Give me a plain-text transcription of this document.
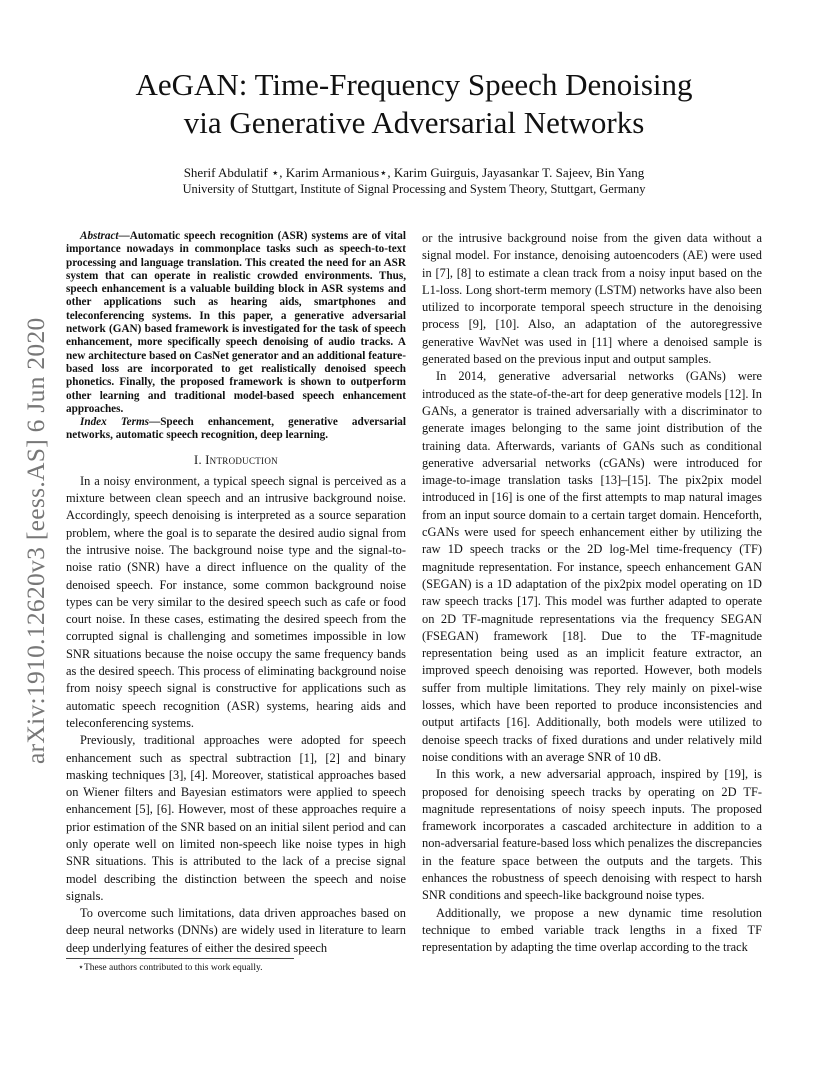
AeGAN: Time-Frequency Speech Denoising
via Generative Adversarial Networks
Sherif Abdulatif ⋆, Karim Armanious⋆, Karim Guirguis, Jayasankar T. Sajeev, Bin Yang
University of Stuttgart, Institute of Signal Processing and System Theory, Stuttgart, Germany
arXiv:1910.12620v3 [eess.AS] 6 Jun 2020

Abstract—Automatic speech recognition (ASR) systems are of vital importance nowadays in commonplace tasks such as speech-to-text processing and language translation. This created the need for an ASR system that can operate in realistic crowded environments. Thus, speech enhancement is a valuable building block in ASR systems and other applications such as hearing aids, smartphones and teleconferencing systems. In this paper, a generative adversarial network (GAN) based framework is investigated for the task of speech enhancement, more specifically speech denoising of audio tracks. A new architecture based on CasNet generator and an additional feature-based loss are incorporated to get realistically denoised speech phonetics. Finally, the proposed framework is shown to outperform other learning and traditional model-based speech enhancement approaches.

Index Terms—Speech enhancement, generative adversarial networks, automatic speech recognition, deep learning.

I. Introduction

In a noisy environment, a typical speech signal is perceived as a mixture between clean speech and an intrusive background noise. Accordingly, speech denoising is interpreted as a source separation problem, where the goal is to separate the desired audio signal from the intrusive noise. The background noise type and the signal-to-noise ratio (SNR) have a direct influence on the quality of the denoised speech. For instance, some common background noise types can be very similar to the desired speech such as cafe or food court noise. In these cases, estimating the desired speech from the corrupted signal is challenging and sometimes impossible in low SNR situations because the noise occupy the same frequency bands as the desired speech. This process of eliminating background noise from noisy speech signal is constructive for applications such as automatic speech recognition (ASR) systems, hearing aids and teleconferencing systems.

Previously, traditional approaches were adopted for speech enhancement such as spectral subtraction [1], [2] and binary masking techniques [3], [4]. Moreover, statistical approaches based on Wiener filters and Bayesian estimators were applied to speech enhancement [5], [6]. However, most of these approaches require a prior estimation of the SNR based on an initial silent period and can only operate well on limited non-speech like noise types in high SNR situations. This is attributed to the lack of a precise signal model describing the distinction between the speech and noise signals.

To overcome such limitations, data driven approaches based on deep neural networks (DNNs) are widely used in literature to learn deep underlying features of either the desired speech

or the intrusive background noise from the given data without a signal model. For instance, denoising autoencoders (AE) were used in [7], [8] to estimate a clean track from a noisy input based on the L1-loss. Long short-term memory (LSTM) networks have also been utilized to incorporate temporal speech structure in the denoising process [9], [10]. Also, an adaptation of the autoregressive generative WavNet was used in [11] where a denoised sample is generated based on the previous input and output samples.

In 2014, generative adversarial networks (GANs) were introduced as the state-of-the-art for deep generative models [12]. In GANs, a generator is trained adversarially with a discriminator to generate images belonging to the same joint distribution of the training data. Afterwards, variants of GANs such as conditional generative adversarial networks (cGANs) were introduced for image-to-image translation tasks [13]–[15]. The pix2pix model introduced in [16] is one of the first attempts to map natural images from an input source domain to a certain target domain. Henceforth, cGANs were used for speech enhancement either by utilizing the raw 1D speech tracks or the 2D log-Mel time-frequency (TF) magnitude representation. For instance, speech enhancement GAN (SEGAN) is a 1D adaptation of the pix2pix model operating on 1D raw speech tracks [17]. This model was further adapted to operate on 2D TF-magnitude representations via the frequency SEGAN (FSEGAN) framework [18]. Due to the TF-magnitude representation being used as an implicit feature extractor, an improved speech denoising was reported. However, both models suffer from multiple limitations. They rely mainly on pixel-wise losses, which have been reported to produce inconsistencies and output artifacts [16]. Additionally, both models were utilized to denoise speech tracks of fixed durations and under relatively mild noise conditions with an average SNR of 10 dB.

In this work, a new adversarial approach, inspired by [19], is proposed for denoising speech tracks by operating on 2D TF-magnitude representations of noisy speech inputs. The proposed framework incorporates a cascaded architecture in addition to a non-adversarial feature-based loss which penalizes the discrepancies in the feature space between the outputs and the targets. This enhances the robustness of speech denoising with respect to harsh SNR conditions and speech-like background noise types.

Additionally, we propose a new dynamic time resolution technique to embed variable track lengths in a fixed TF representation by adapting the time overlap according to the track

⋆These authors contributed to this work equally.
